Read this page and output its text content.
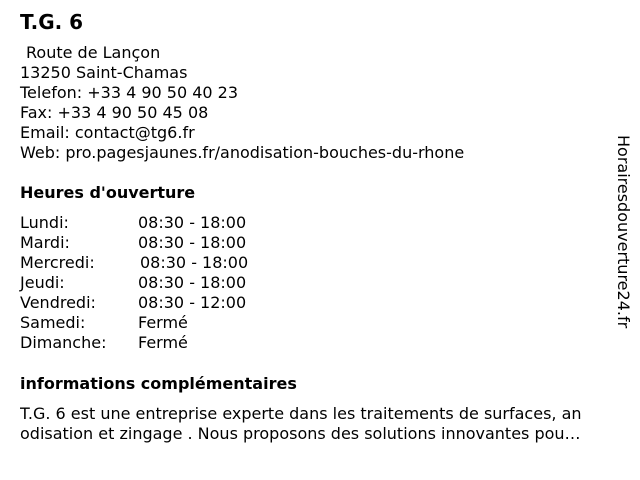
T.G. 6
Route de Lançon
13250 Saint-Chamas
Telefon: +33 4 90 50 40 23
Fax: +33 4 90 50 45 08
Email: contact@tg6.fr
Web: pro.pagesjaunes.fr/anodisation-bouches-du-rhone
Heures d'ouverture
Lundi:	08:30 - 18:00
Mardi:	08:30 - 18:00
Mercredi:	08:30 - 18:00
Jeudi:	08:30 - 18:00
Vendredi:	08:30 - 12:00
Samedi:	Fermé
Dimanche: Fermé
informations complémentaires
T.G. 6 est une entreprise experte dans les traitements de surfaces, an
odisation et zingage . Nous proposons des solutions innovantes pou…
Horairesdouverture24.fr
